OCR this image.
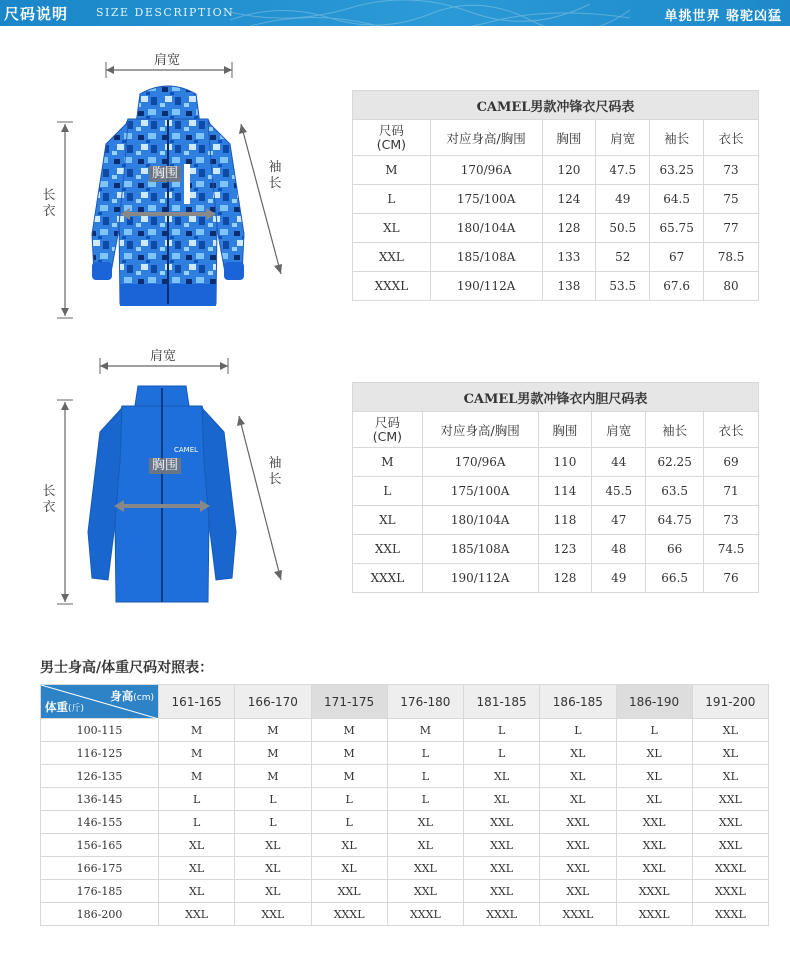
尺码说明	SIZE DESCRIPTION	单挑世界 骆驼凶猛
肩宽
胸围
长衣
袖
长
肩宽
CAMEL
胸围
长衣
袖
长
CAMEL男款冲锋衣尺码表					

尺码
(CM)	对应身高/胸围	胸围	肩宽	袖长	衣长
M	170/96A	120	47.5	63.25	73
L	175/100A	124	49	64.5	75
XL	180/104A	128	50.5	65.75	77
XXL	185/108A	133	52	67	78.5
XXXL	190/112A	138	53.5	67.6	80
CAMEL男款冲锋衣内胆尺码表					

尺码
(CM)	对应身高/胸围	胸围	肩宽	袖长	衣长
M	170/96A	110	44	62.25	69
L	175/100A	114	45.5	63.5	71
XL	180/104A	118	47	64.75	73
XXL	185/108A	123	48	66	74.5
XXXL	190/112A	128	49	66.5	76
男士身高/体重尺码对照表：
身高(cm)
体重(斤)	161-165	166-170	171-175	176-180	181-185	186-185	186-190	191-200
100-115	M	M	M	M	L	L	L	XL
116-125	M	M	M	L	L	XL	XL	XL
126-135	M	M	M	L	XL	XL	XL	XL
136-145	L	L	L	L	XL	XL	XL	XXL
146-155	L	L	L	XL	XXL	XXL	XXL	XXL
156-165	XL	XL	XL	XL	XXL	XXL	XXL	XXL
166-175	XL	XL	XL	XXL	XXL	XXL	XXL	XXXL
176-185	XL	XL	XXL	XXL	XXL	XXL	XXXL	XXXL
186-200	XXL	XXL	XXXL	XXXL	XXXL	XXXL	XXXL	XXXL
